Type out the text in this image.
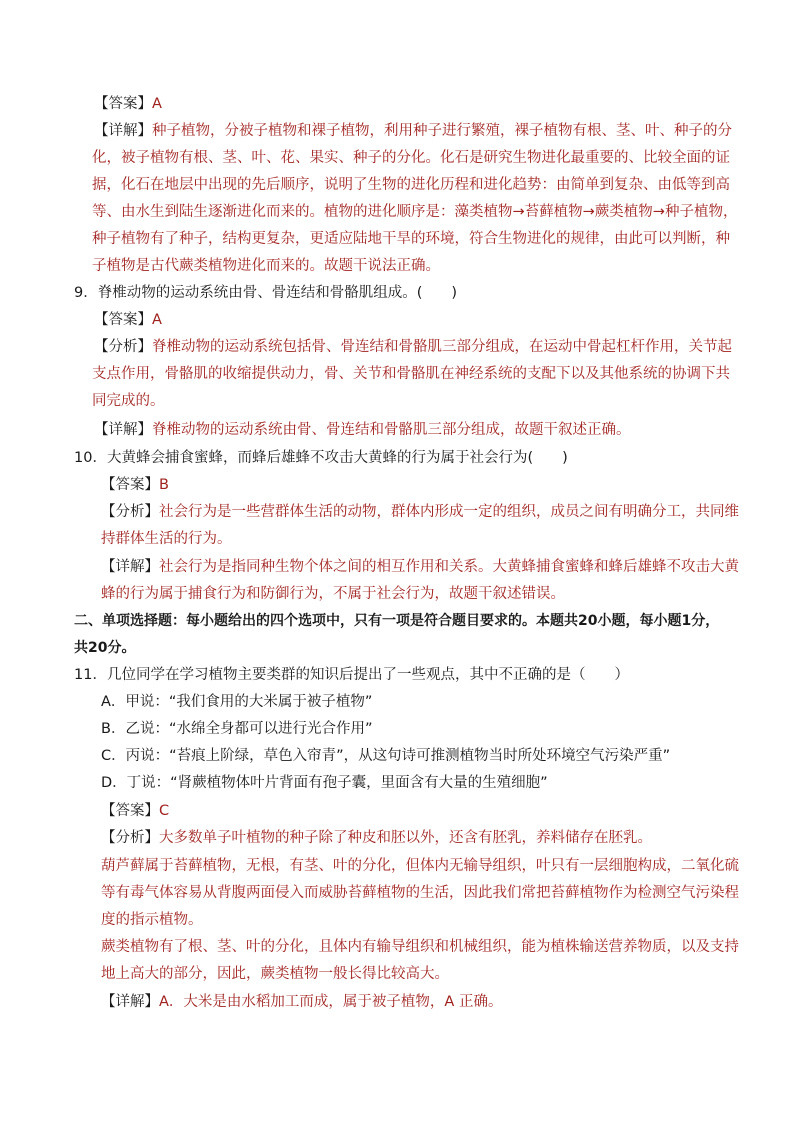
【答案】A
【详解】种子植物，分被子植物和裸子植物，利用种子进行繁殖，裸子植物有根、茎、叶、种子的分
化，被子植物有根、茎、叶、花、果实、种子的分化。化石是研究生物进化最重要的、比较全面的证
据，化石在地层中出现的先后顺序，说明了生物的进化历程和进化趋势：由简单到复杂、由低等到高
等、由水生到陆生逐渐进化而来的。植物的进化顺序是：藻类植物→苔藓植物→蕨类植物→种子植物，
种子植物有了种子，结构更复杂，更适应陆地干旱的环境，符合生物进化的规律，由此可以判断，种
子植物是古代蕨类植物进化而来的。故题干说法正确。
9．脊椎动物的运动系统由骨、骨连结和骨骼肌组成。(　　)
【答案】A
【分析】脊椎动物的运动系统包括骨、骨连结和骨骼肌三部分组成，在运动中骨起杠杆作用，关节起
支点作用，骨骼肌的收缩提供动力，骨、关节和骨骼肌在神经系统的支配下以及其他系统的协调下共
同完成的。
【详解】脊椎动物的运动系统由骨、骨连结和骨骼肌三部分组成，故题干叙述正确。
10．大黄蜂会捕食蜜蜂，而蜂后雄蜂不攻击大黄蜂的行为属于社会行为(　　)
【答案】B
【分析】社会行为是一些营群体生活的动物，群体内形成一定的组织，成员之间有明确分工，共同维
持群体生活的行为。
【详解】社会行为是指同种生物个体之间的相互作用和关系。大黄蜂捕食蜜蜂和蜂后雄蜂不攻击大黄
蜂的行为属于捕食行为和防御行为，不属于社会行为，故题干叙述错误。
二、单项选择题：每小题给出的四个选项中，只有一项是符合题目要求的。本题共20小题，每小题1分，
共20分。
11．几位同学在学习植物主要类群的知识后提出了一些观点，其中不正确的是（　　）
A．甲说：“我们食用的大米属于被子植物”
B．乙说：“水绵全身都可以进行光合作用”
C．丙说：“苔痕上阶绿，草色入帘青”，从这句诗可推测植物当时所处环境空气污染严重”
D．丁说：“肾蕨植物体叶片背面有孢子囊，里面含有大量的生殖细胞”
【答案】C
【分析】大多数单子叶植物的种子除了种皮和胚以外，还含有胚乳，养料储存在胚乳。
葫芦藓属于苔藓植物，无根，有茎、叶的分化，但体内无输导组织，叶只有一层细胞构成，二氧化硫
等有毒气体容易从背腹两面侵入而威胁苔藓植物的生活，因此我们常把苔藓植物作为检测空气污染程
度的指示植物。
蕨类植物有了根、茎、叶的分化，且体内有输导组织和机械组织，能为植株输送营养物质，以及支持
地上高大的部分，因此，蕨类植物一般长得比较高大。
【详解】A．大米是由水稻加工而成，属于被子植物，A 正确。
